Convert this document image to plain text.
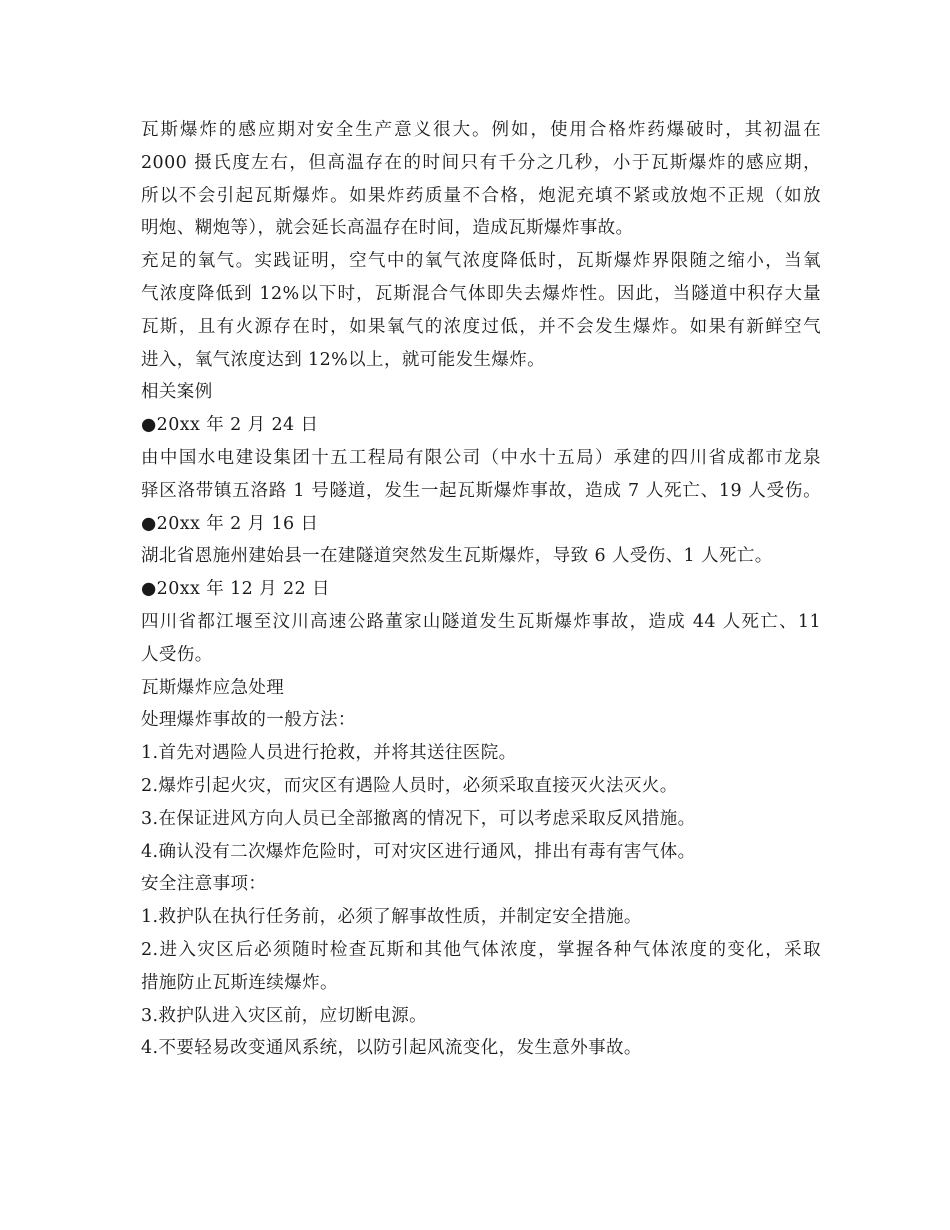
瓦斯爆炸的感应期对安全生产意义很大。例如，使用合格炸药爆破时，其初温在

2000 摄氏度左右，但高温存在的时间只有千分之几秒，小于瓦斯爆炸的感应期，

所以不会引起瓦斯爆炸。如果炸药质量不合格，炮泥充填不紧或放炮不正规（如放

明炮、糊炮等），就会延长高温存在时间，造成瓦斯爆炸事故。

充足的氧气。实践证明，空气中的氧气浓度降低时，瓦斯爆炸界限随之缩小，当氧

气浓度降低到 12%以下时，瓦斯混合气体即失去爆炸性。因此，当隧道中积存大量

瓦斯，且有火源存在时，如果氧气的浓度过低，并不会发生爆炸。如果有新鲜空气

进入，氧气浓度达到 12%以上，就可能发生爆炸。

相关案例

●20xx 年 2 月 24 日

由中国水电建设集团十五工程局有限公司（中水十五局）承建的四川省成都市龙泉

驿区洛带镇五洛路 1 号隧道，发生一起瓦斯爆炸事故，造成 7 人死亡、19 人受伤。

●20xx 年 2 月 16 日

湖北省恩施州建始县一在建隧道突然发生瓦斯爆炸，导致 6 人受伤、1 人死亡。

●20xx 年 12 月 22 日

四川省都江堰至汶川高速公路董家山隧道发生瓦斯爆炸事故，造成 44 人死亡、11

人受伤。

瓦斯爆炸应急处理

处理爆炸事故的一般方法：

1.首先对遇险人员进行抢救，并将其送往医院。

2.爆炸引起火灾，而灾区有遇险人员时，必须采取直接灭火法灭火。

3.在保证进风方向人员已全部撤离的情况下，可以考虑采取反风措施。

4.确认没有二次爆炸危险时，可对灾区进行通风，排出有毒有害气体。

安全注意事项：

1.救护队在执行任务前，必须了解事故性质，并制定安全措施。

2.进入灾区后必须随时检查瓦斯和其他气体浓度，掌握各种气体浓度的变化，采取

措施防止瓦斯连续爆炸。

3.救护队进入灾区前，应切断电源。

4.不要轻易改变通风系统，以防引起风流变化，发生意外事故。
